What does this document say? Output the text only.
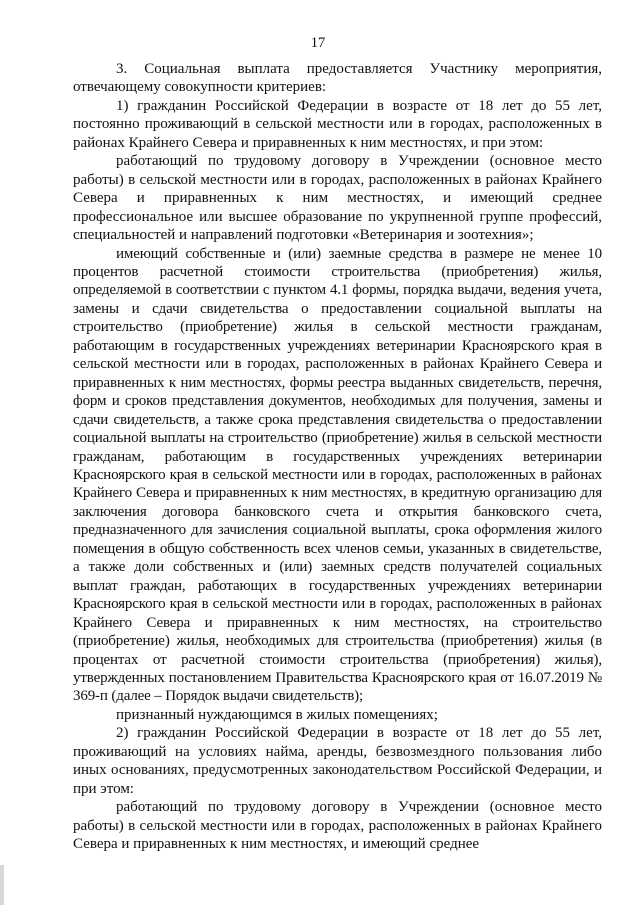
17

3. Социальная выплата предоставляется Участнику мероприятия, отвечающему совокупности критериев:

1) гражданин Российской Федерации в возрасте от 18 лет до 55 лет, постоянно проживающий в сельской местности или в городах, расположенных в районах Крайнего Севера и приравненных к ним местностях, и при этом:

работающий по трудовому договору в Учреждении (основное место работы) в сельской местности или в городах, расположенных в районах Крайнего Севера и приравненных к ним местностях, и имеющий среднее профессиональное или высшее образование по укрупненной группе профессий, специальностей и направлений подготовки «Ветеринария и зоотехния»;

имеющий собственные и (или) заемные средства в размере не менее 10 процентов расчетной стоимости строительства (приобретения) жилья, определяемой в соответствии с пунктом 4.1 формы, порядка выдачи, ведения учета, замены и сдачи свидетельства о предоставлении социальной выплаты на строительство (приобретение) жилья в сельской местности гражданам, работающим в государственных учреждениях ветеринарии Красноярского края в сельской местности или в городах, расположенных в районах Крайнего Севера и приравненных к ним местностях, формы реестра выданных свидетельств, перечня, форм и сроков представления документов, необходимых для получения, замены и сдачи свидетельств, а также срока представления свидетельства о предоставлении социальной выплаты на строительство (приобретение) жилья в сельской местности гражданам, работающим в государственных учреждениях ветеринарии Красноярского края в сельской местности или в городах, расположенных в районах Крайнего Севера и приравненных к ним местностях, в кредитную организацию для заключения договора банковского счета и открытия банковского счета, предназначенного для зачисления социальной выплаты, срока оформления жилого помещения в общую собственность всех членов семьи, указанных в свидетельстве, а также доли собственных и (или) заемных средств получателей социальных выплат граждан, работающих в государственных учреждениях ветеринарии Красноярского края в сельской местности или в городах, расположенных в районах Крайнего Севера и приравненных к ним местностях, на строительство (приобретение) жилья, необходимых для строительства (приобретения) жилья (в процентах от расчетной стоимости строительства (приобретения) жилья), утвержденных постановлением Правительства Красноярского края от 16.07.2019 № 369-п (далее – Порядок выдачи свидетельств);

признанный нуждающимся в жилых помещениях;

2) гражданин Российской Федерации в возрасте от 18 лет до 55 лет, проживающий на условиях найма, аренды, безвозмездного пользования либо иных основаниях, предусмотренных законодательством Российской Федерации, и при этом:

работающий по трудовому договору в Учреждении (основное место работы) в сельской местности или в городах, расположенных в районах Крайнего Севера и приравненных к ним местностях, и имеющий среднее
